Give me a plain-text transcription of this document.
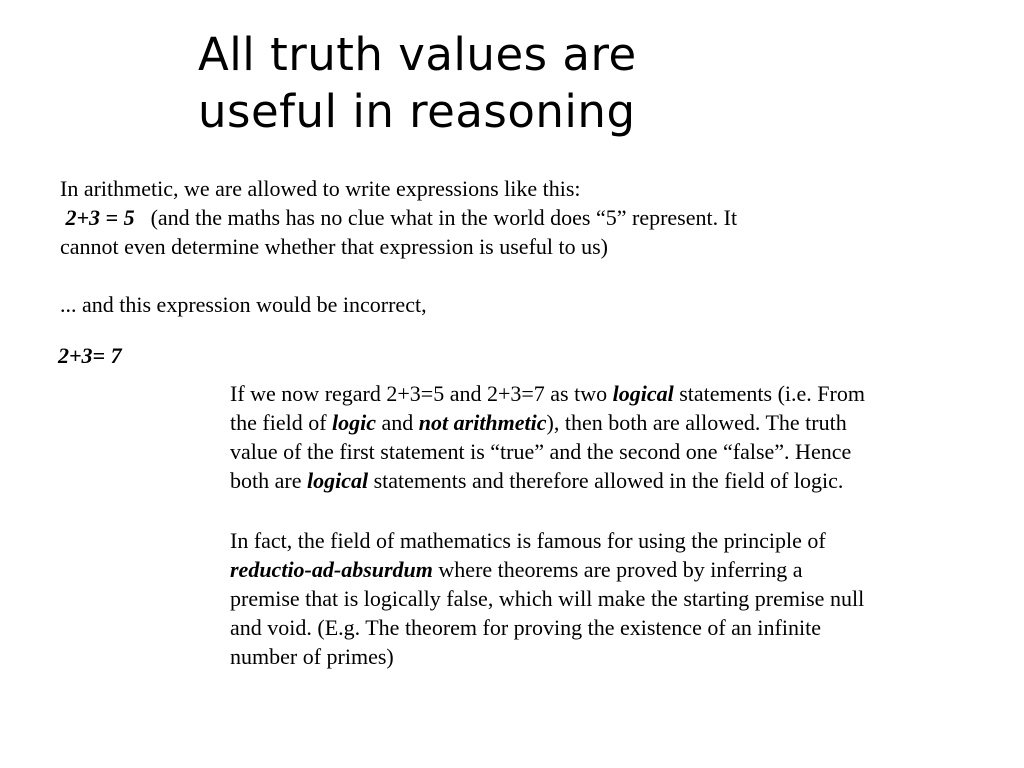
All truth values are
useful in reasoning
In arithmetic, we are allowed to write expressions like this:
2+3 = 5 (and the maths has no clue what in the world does “5” represent. It
cannot even determine whether that expression is useful to us)

... and this expression would be incorrect,

2+3= 7

If we now regard 2+3=5 and 2+3=7 as two logical statements (i.e. From
the field of logic and not arithmetic), then both are allowed. The truth
value of the first statement is “true” and the second one “false”. Hence
both are logical statements and therefore allowed in the field of logic.
In fact, the field of mathematics is famous for using the principle of
reductio-ad-absurdum where theorems are proved by inferring a
premise that is logically false, which will make the starting premise null
and void. (E.g. The theorem for proving the existence of an infinite
number of primes)
